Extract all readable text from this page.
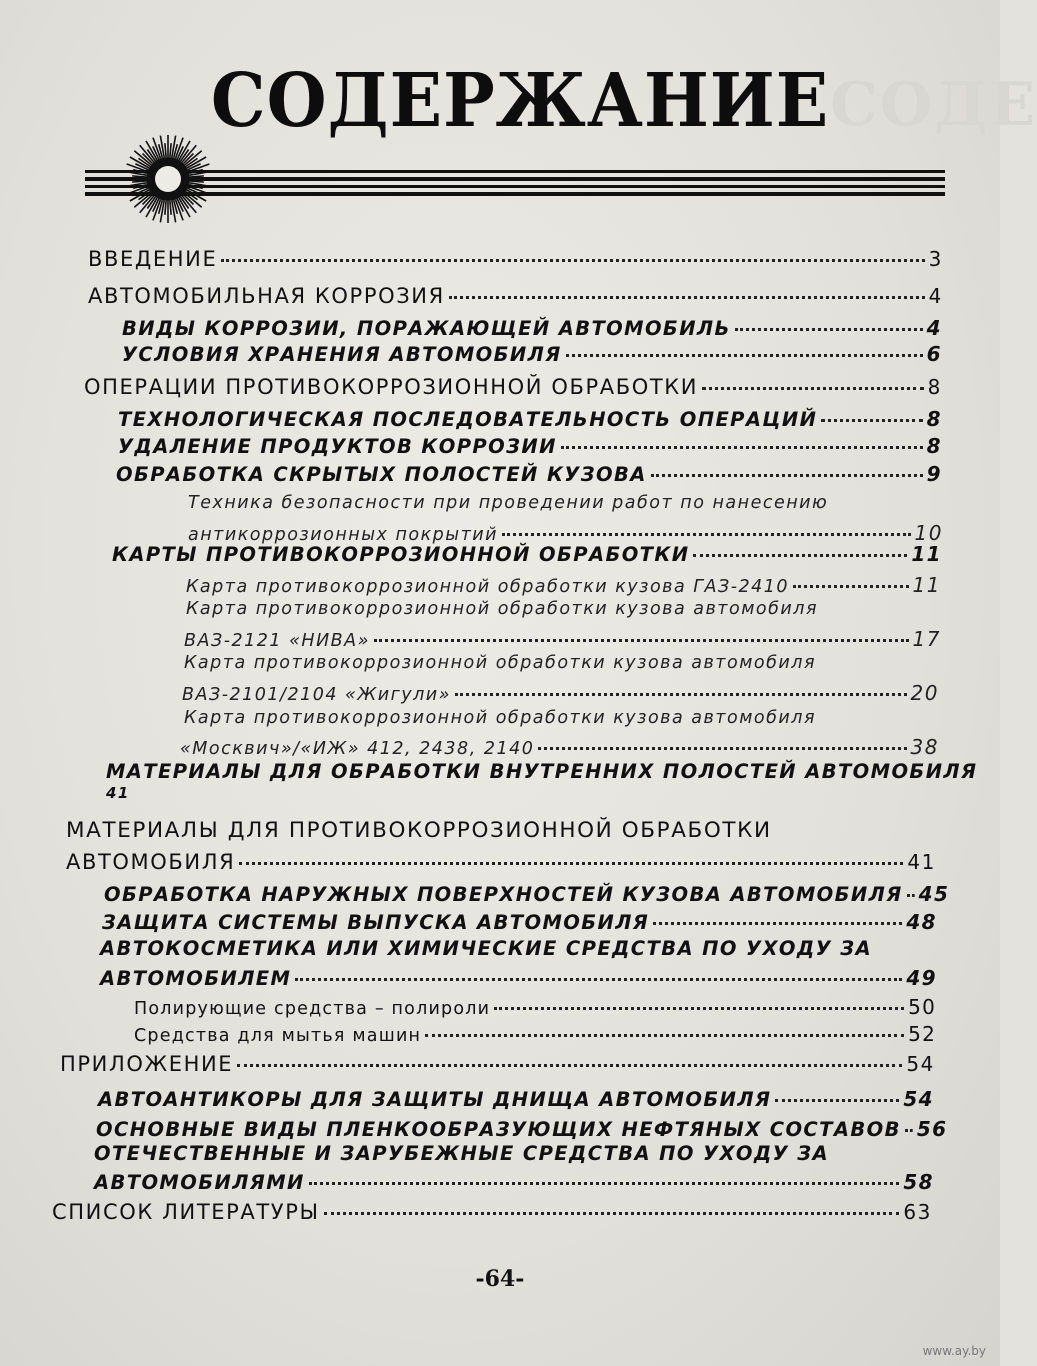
СОДЕ
СОДЕРЖАНИЕ
ВВЕДЕНИЕ	3
АВТОМОБИЛЬНАЯ КОРРОЗИЯ	4
ВИДЫ КОРРОЗИИ, ПОРАЖАЮЩЕЙ АВТОМОБИЛЬ	4
УСЛОВИЯ ХРАНЕНИЯ АВТОМОБИЛЯ	6
ОПЕРАЦИИ ПРОТИВОКОРРОЗИОННОЙ ОБРАБОТКИ	8
ТЕХНОЛОГИЧЕСКАЯ ПОСЛЕДОВАТЕЛЬНОСТЬ ОПЕРАЦИЙ	8
УДАЛЕНИЕ ПРОДУКТОВ КОРРОЗИИ	8
ОБРАБОТКА СКРЫТЫХ ПОЛОСТЕЙ КУЗОВА	9
Техника безопасности при проведении работ по нанесению
антикоррозионных покрытий	10
КАРТЫ ПРОТИВОКОРРОЗИОННОЙ ОБРАБОТКИ	11
Карта противокоррозионной обработки кузова ГАЗ-2410	11
Карта противокоррозионной обработки кузова автомобиля
ВАЗ-2121 «НИВА»	17
Карта противокоррозионной обработки кузова автомобиля
ВАЗ-2101/2104 «Жигули»	20
Карта противокоррозионной обработки кузова автомобиля
«Москвич»/«ИЖ» 412, 2438, 2140	38
МАТЕРИАЛЫ ДЛЯ ОБРАБОТКИ ВНУТРЕННИХ ПОЛОСТЕЙ АВТОМОБИЛЯ
41
МАТЕРИАЛЫ ДЛЯ ПРОТИВОКОРРОЗИОННОЙ ОБРАБОТКИ
АВТОМОБИЛЯ	41
ОБРАБОТКА НАРУЖНЫХ ПОВЕРХНОСТЕЙ КУЗОВА АВТОМОБИЛЯ 45
ЗАЩИТА СИСТЕМЫ ВЫПУСКА АВТОМОБИЛЯ	48
АВТОКОСМЕТИКА ИЛИ ХИМИЧЕСКИЕ СРЕДСТВА ПО УХОДУ ЗА
АВТОМОБИЛЕМ	49
Полирующие средства – полироли	50
Средства для мытья машин	52
ПРИЛОЖЕНИЕ	54
АВТОАНТИКОРЫ ДЛЯ ЗАЩИТЫ ДНИЩА АВТОМОБИЛЯ	54
ОСНОВНЫЕ ВИДЫ ПЛЕНКООБРАЗУЮЩИХ НЕФТЯНЫХ СОСТАВОВ 56
ОТЕЧЕСТВЕННЫЕ И ЗАРУБЕЖНЫЕ СРЕДСТВА ПО УХОДУ ЗА
АВТОМОБИЛЯМИ	58
СПИСОК ЛИТЕРАТУРЫ	63
-64-
www.ay.by
